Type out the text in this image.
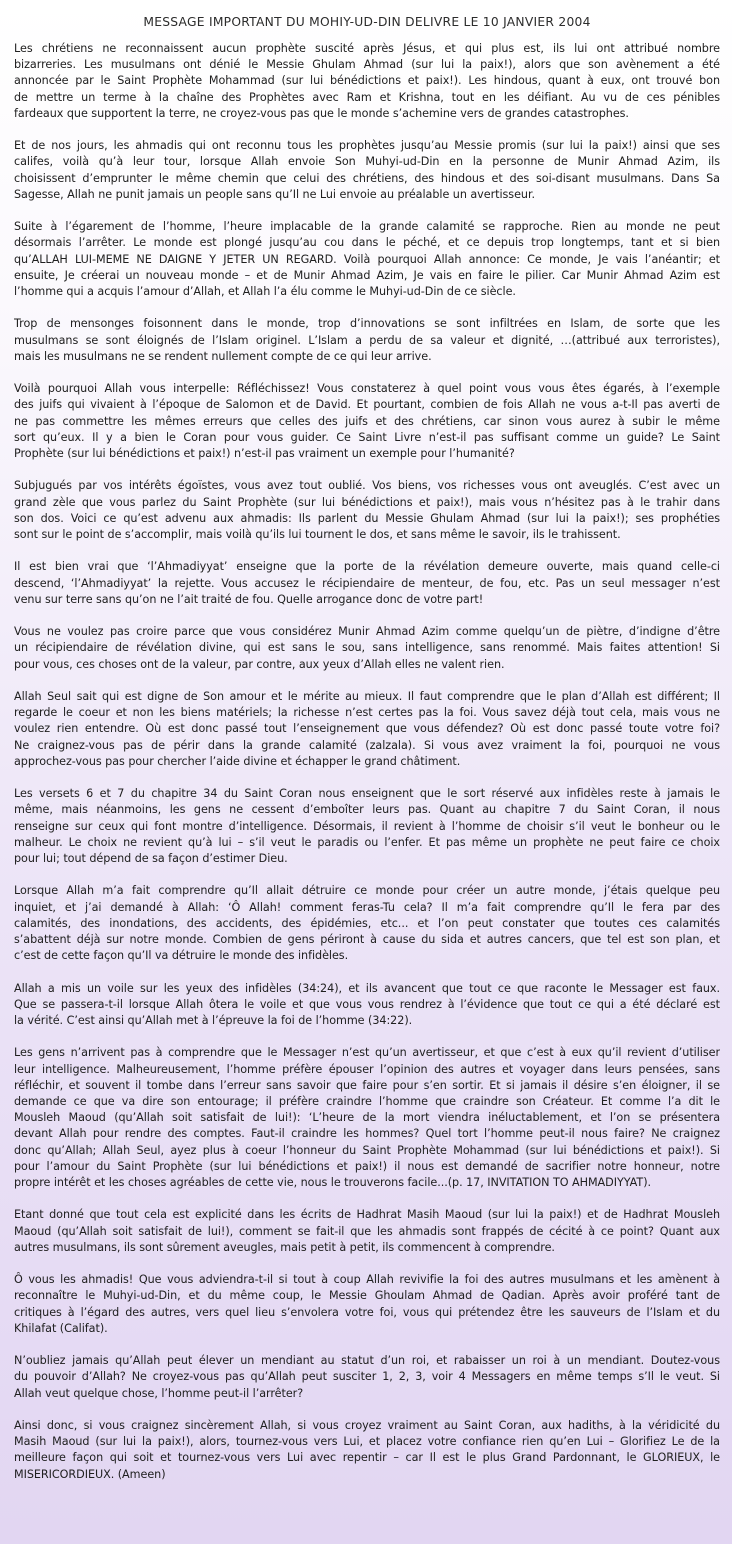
MESSAGE IMPORTANT DU MOHIY-UD-DIN DELIVRE LE 10 JANVIER 2004
Les chrétiens ne reconnaissent aucun prophète suscité après Jésus, et qui plus est, ils lui ont attribué nombre
bizarreries. Les musulmans ont dénié le Messie Ghulam Ahmad (sur lui la paix!), alors que son avènement a été
annoncée par le Saint Prophète Mohammad (sur lui bénédictions et paix!). Les hindous, quant à eux, ont trouvé bon
de mettre un terme à la chaîne des Prophètes avec Ram et Krishna, tout en les déifiant. Au vu de ces pénibles
fardeaux que supportent la terre, ne croyez-vous pas que le monde s’achemine vers de grandes catastrophes.
Et de nos jours, les ahmadis qui ont reconnu tous les prophètes jusqu’au Messie promis (sur lui la paix!) ainsi que ses
califes, voilà qu’à leur tour, lorsque Allah envoie Son Muhyi-ud-Din en la personne de Munir Ahmad Azim, ils
choisissent d’emprunter le même chemin que celui des chrétiens, des hindous et des soi-disant musulmans. Dans Sa
Sagesse, Allah ne punit jamais un people sans qu’Il ne Lui envoie au préalable un avertisseur.
Suite à l’égarement de l’homme, l’heure implacable de la grande calamité se rapproche. Rien au monde ne peut
désormais l’arrêter. Le monde est plongé jusqu’au cou dans le péché, et ce depuis trop longtemps, tant et si bien
qu’ALLAH LUI-MEME NE DAIGNE Y JETER UN REGARD. Voilà pourquoi Allah annonce: Ce monde, Je vais l’anéantir; et
ensuite, Je créerai un nouveau monde – et de Munir Ahmad Azim, Je vais en faire le pilier. Car Munir Ahmad Azim est
l’homme qui a acquis l’amour d’Allah, et Allah l’a élu comme le Muhyi-ud-Din de ce siècle.
Trop de mensonges foisonnent dans le monde, trop d’innovations se sont infiltrées en Islam, de sorte que les
musulmans se sont éloignés de l’Islam originel. L’Islam a perdu de sa valeur et dignité, …(attribué aux terroristes),
mais les musulmans ne se rendent nullement compte de ce qui leur arrive.
Voilà pourquoi Allah vous interpelle: Réfléchissez! Vous constaterez à quel point vous vous êtes égarés, à l’exemple
des juifs qui vivaient à l’époque de Salomon et de David. Et pourtant, combien de fois Allah ne vous a-t-Il pas averti de
ne pas commettre les mêmes erreurs que celles des juifs et des chrétiens, car sinon vous aurez à subir le même
sort qu’eux. Il y a bien le Coran pour vous guider. Ce Saint Livre n’est-il pas suffisant comme un guide? Le Saint
Prophète (sur lui bénédictions et paix!) n’est-il pas vraiment un exemple pour l’humanité?
Subjugués par vos intérêts égoïstes, vous avez tout oublié. Vos biens, vos richesses vous ont aveuglés. C’est avec un
grand zèle que vous parlez du Saint Prophète (sur lui bénédictions et paix!), mais vous n’hésitez pas à le trahir dans
son dos. Voici ce qu’est advenu aux ahmadis: Ils parlent du Messie Ghulam Ahmad (sur lui la paix!); ses prophéties
sont sur le point de s’accomplir, mais voilà qu’ils lui tournent le dos, et sans même le savoir, ils le trahissent.
Il est bien vrai que ‘l’Ahmadiyyat’ enseigne que la porte de la révélation demeure ouverte, mais quand celle-ci
descend, ‘l’Ahmadiyyat’ la rejette. Vous accusez le récipiendaire de menteur, de fou, etc. Pas un seul messager n’est
venu sur terre sans qu’on ne l’ait traité de fou. Quelle arrogance donc de votre part!
Vous ne voulez pas croire parce que vous considérez Munir Ahmad Azim comme quelqu’un de piètre, d’indigne d’être
un récipiendaire de révélation divine, qui est sans le sou, sans intelligence, sans renommé. Mais faites attention! Si
pour vous, ces choses ont de la valeur, par contre, aux yeux d’Allah elles ne valent rien.
Allah Seul sait qui est digne de Son amour et le mérite au mieux. Il faut comprendre que le plan d’Allah est différent; Il
regarde le coeur et non les biens matériels; la richesse n’est certes pas la foi. Vous savez déjà tout cela, mais vous ne
voulez rien entendre. Où est donc passé tout l’enseignement que vous défendez? Où est donc passé toute votre foi?
Ne craignez-vous pas de périr dans la grande calamité (zalzala). Si vous avez vraiment la foi, pourquoi ne vous
approchez-vous pas pour chercher l’aide divine et échapper le grand châtiment.
Les versets 6 et 7 du chapitre 34 du Saint Coran nous enseignent que le sort réservé aux infidèles reste à jamais le
même, mais néanmoins, les gens ne cessent d’emboîter leurs pas. Quant au chapitre 7 du Saint Coran, il nous
renseigne sur ceux qui font montre d’intelligence. Désormais, il revient à l’homme de choisir s’il veut le bonheur ou le
malheur. Le choix ne revient qu’à lui – s’il veut le paradis ou l’enfer. Et pas même un prophète ne peut faire ce choix
pour lui; tout dépend de sa façon d’estimer Dieu.
Lorsque Allah m’a fait comprendre qu’Il allait détruire ce monde pour créer un autre monde, j’étais quelque peu
inquiet, et j’ai demandé à Allah: ‘Ô Allah! comment feras-Tu cela? Il m’a fait comprendre qu’Il le fera par des
calamités, des inondations, des accidents, des épidémies, etc... et l’on peut constater que toutes ces calamités
s’abattent déjà sur notre monde. Combien de gens périront à cause du sida et autres cancers, que tel est son plan, et
c’est de cette façon qu’Il va détruire le monde des infidèles.
Allah a mis un voile sur les yeux des infidèles (34:24), et ils avancent que tout ce que raconte le Messager est faux.
Que se passera-t-il lorsque Allah ôtera le voile et que vous vous rendrez à l’évidence que tout ce qui a été déclaré est
la vérité. C’est ainsi qu’Allah met à l’épreuve la foi de l’homme (34:22).
Les gens n’arrivent pas à comprendre que le Messager n’est qu’un avertisseur, et que c’est à eux qu’il revient d’utiliser
leur intelligence. Malheureusement, l’homme préfère épouser l’opinion des autres et voyager dans leurs pensées, sans
réfléchir, et souvent il tombe dans l’erreur sans savoir que faire pour s’en sortir. Et si jamais il désire s’en éloigner, il se
demande ce que va dire son entourage; il préfère craindre l’homme que craindre son Créateur. Et comme l’a dit le
Mousleh Maoud (qu’Allah soit satisfait de lui!): ‘L’heure de la mort viendra inéluctablement, et l’on se présentera
devant Allah pour rendre des comptes. Faut-il craindre les hommes? Quel tort l’homme peut-il nous faire? Ne craignez
donc qu’Allah; Allah Seul, ayez plus à coeur l’honneur du Saint Prophète Mohammad (sur lui bénédictions et paix!). Si
pour l’amour du Saint Prophète (sur lui bénédictions et paix!) il nous est demandé de sacrifier notre honneur, notre
propre intérêt et les choses agréables de cette vie, nous le trouverons facile...(p. 17, INVITATION TO AHMADIYYAT).
Etant donné que tout cela est explicité dans les écrits de Hadhrat Masih Maoud (sur lui la paix!) et de Hadhrat Mousleh
Maoud (qu’Allah soit satisfait de lui!), comment se fait-il que les ahmadis sont frappés de cécité à ce point? Quant aux
autres musulmans, ils sont sûrement aveugles, mais petit à petit, ils commencent à comprendre.
Ô vous les ahmadis! Que vous adviendra-t-il si tout à coup Allah revivifie la foi des autres musulmans et les amènent à
reconnaître le Muhyi-ud-Din, et du même coup, le Messie Ghoulam Ahmad de Qadian. Après avoir proféré tant de
critiques à l’égard des autres, vers quel lieu s’envolera votre foi, vous qui prétendez être les sauveurs de l’Islam et du
Khilafat (Califat).
N’oubliez jamais qu’Allah peut élever un mendiant au statut d’un roi, et rabaisser un roi à un mendiant. Doutez-vous
du pouvoir d’Allah? Ne croyez-vous pas qu’Allah peut susciter 1, 2, 3, voir 4 Messagers en même temps s’Il le veut. Si
Allah veut quelque chose, l’homme peut-il l’arrêter?
Ainsi donc, si vous craignez sincèrement Allah, si vous croyez vraiment au Saint Coran, aux hadiths, à la véridicité du
Masih Maoud (sur lui la paix!), alors, tournez-vous vers Lui, et placez votre confiance rien qu’en Lui – Glorifiez Le de la
meilleure façon qui soit et tournez-vous vers Lui avec repentir – car Il est le plus Grand Pardonnant, le GLORIEUX, le
MISERICORDIEUX. (Ameen)
